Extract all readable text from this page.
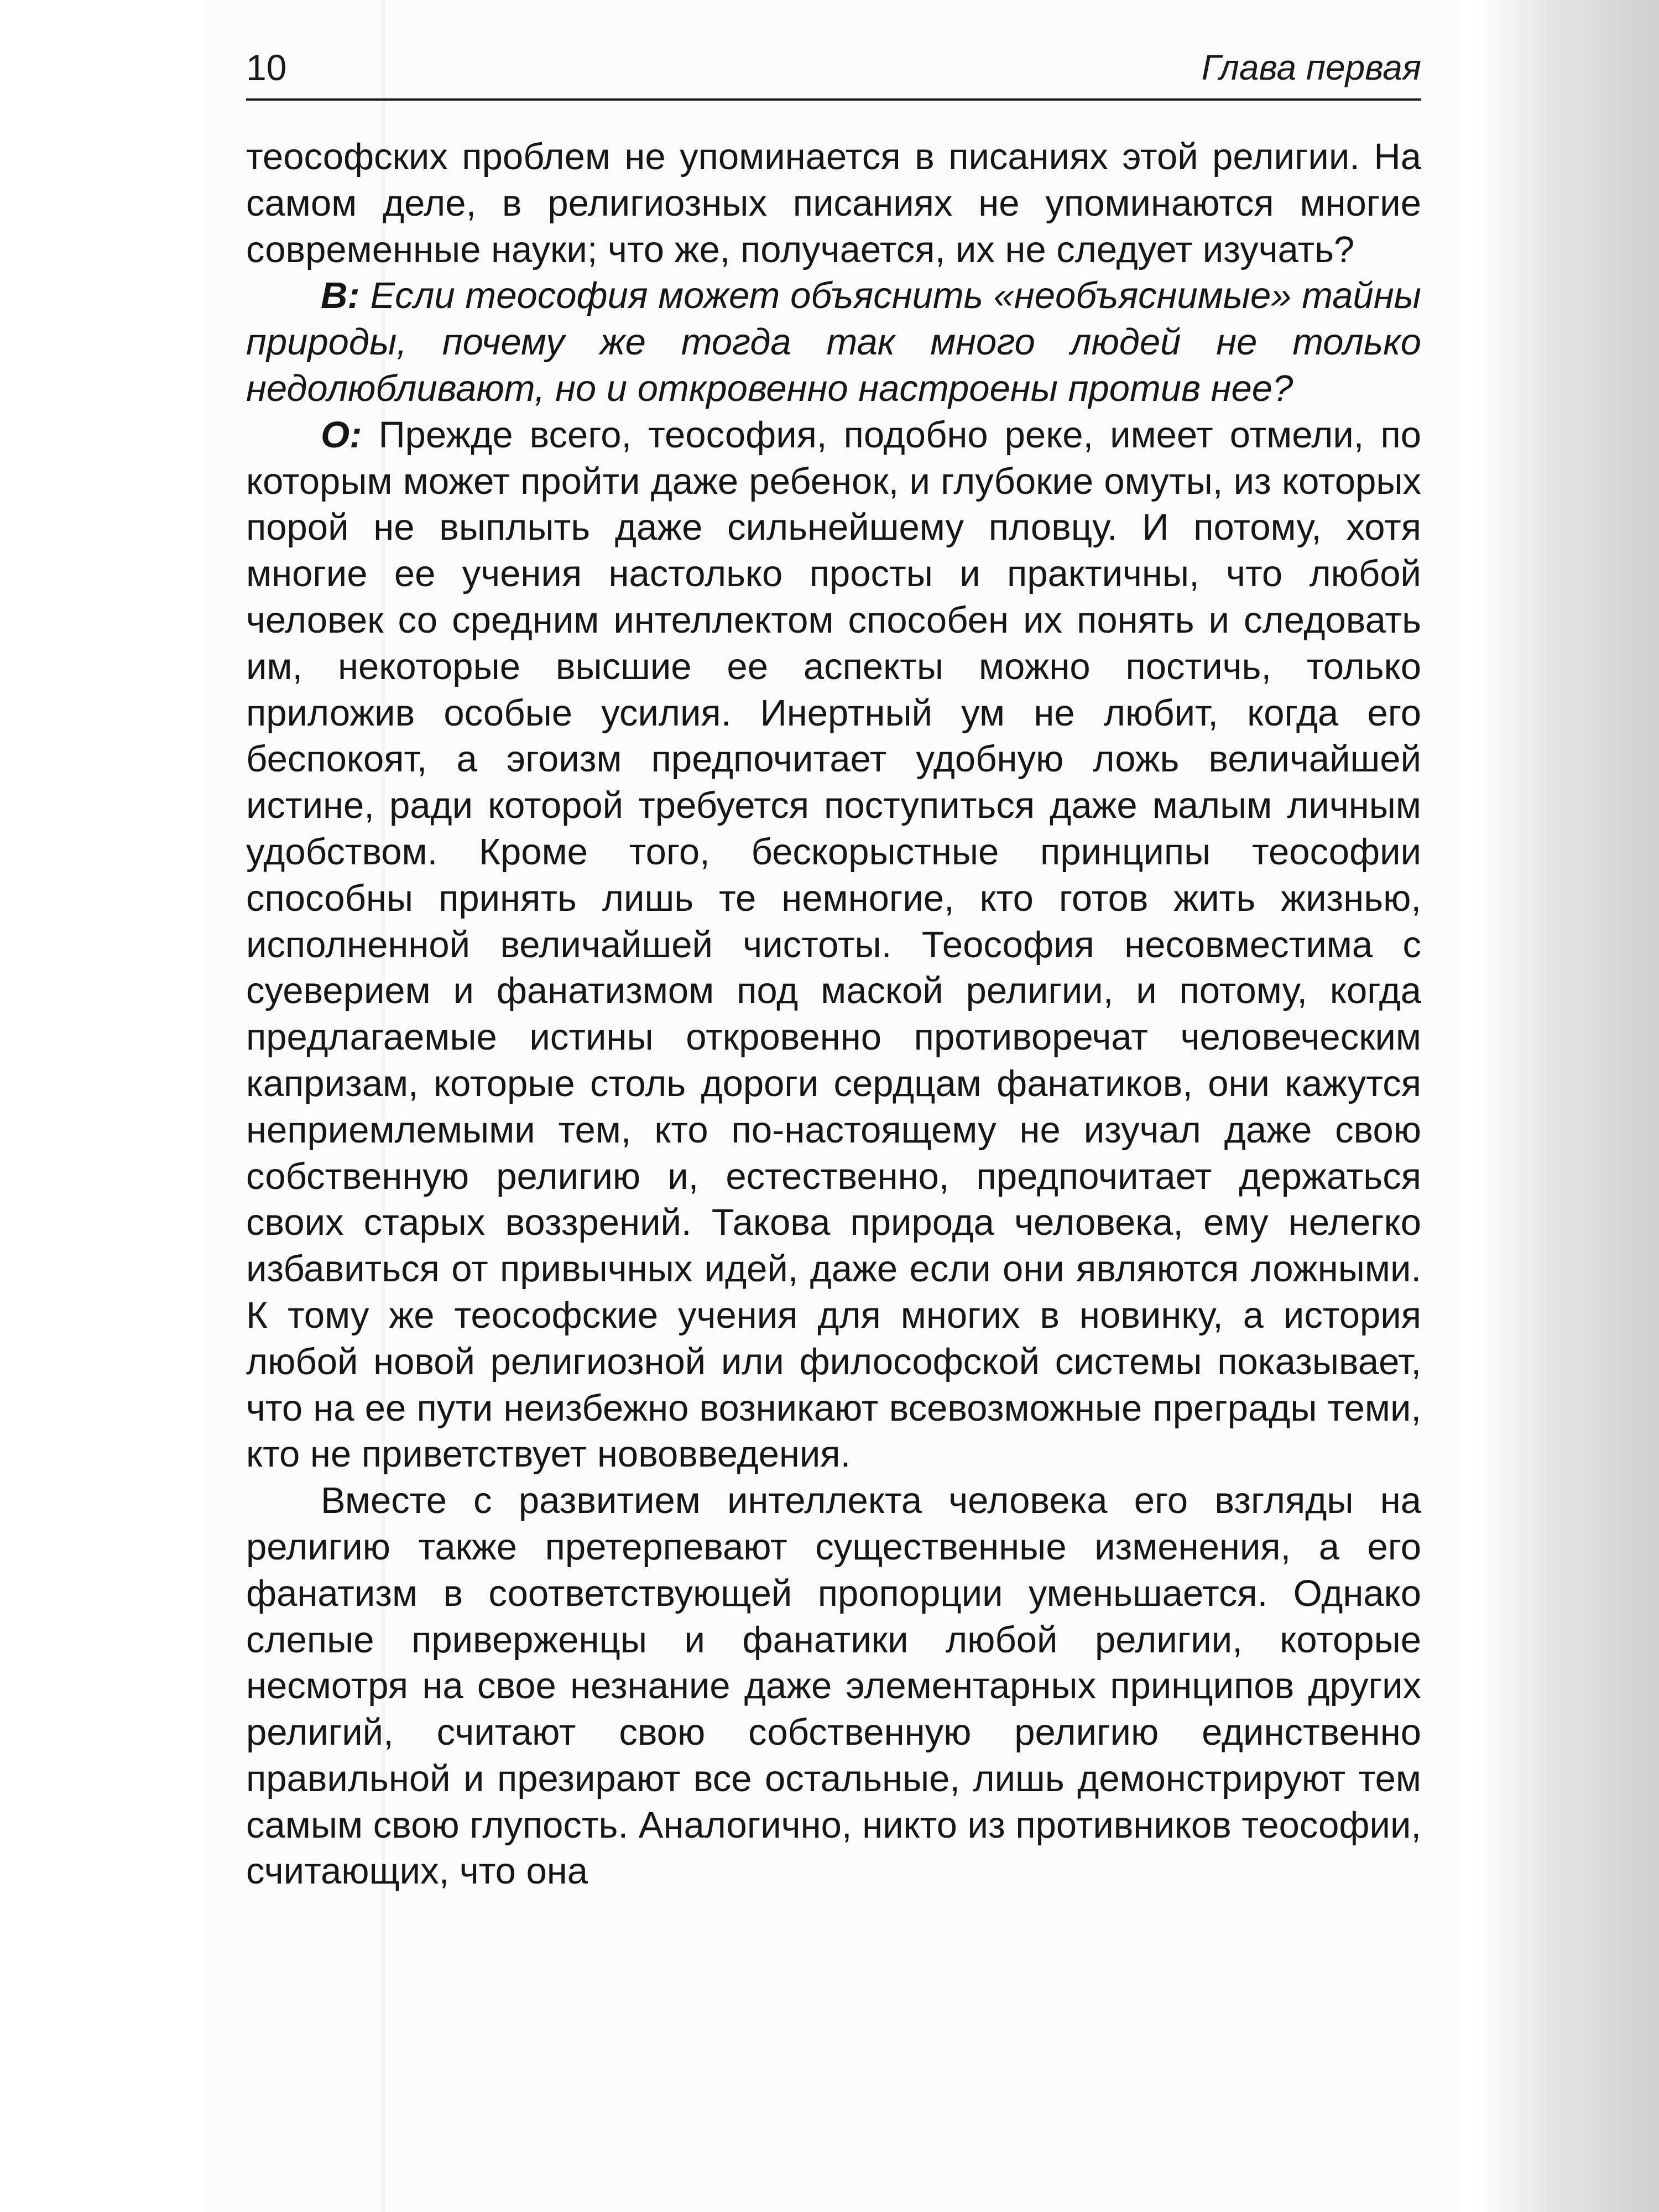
10	Глава первая

теософских проблем не упоминается в писаниях этой религии. На самом деле, в религиозных писаниях не упоминаются многие современные науки; что же, получается, их не следует изучать?

В: Если теософия может объяснить «необъяснимые» тайны природы, почему же тогда так много людей не только недолюбливают, но и откровенно настроены против нее?

О: Прежде всего, теософия, подобно реке, имеет отмели, по которым может пройти даже ребенок, и глубокие омуты, из которых порой не выплыть даже сильнейшему пловцу. И потому, хотя многие ее учения настолько просты и практичны, что любой человек со средним интеллектом способен их понять и следовать им, некоторые высшие ее аспекты можно постичь, только приложив особые усилия. Инертный ум не любит, когда его беспокоят, а эгоизм предпочитает удобную ложь величайшей истине, ради которой требуется поступиться даже малым личным удобством. Кроме того, бескорыстные принципы теософии способны принять лишь те немногие, кто готов жить жизнью, исполненной величайшей чистоты. Теософия несовместима с суеверием и фанатизмом под маской религии, и потому, когда предлагаемые истины откровенно противоречат человеческим капризам, которые столь дороги сердцам фанатиков, они кажутся неприемлемыми тем, кто по-настоящему не изучал даже свою собственную религию и, естественно, предпочитает держаться своих старых воззрений. Такова природа человека, ему нелегко избавиться от привычных идей, даже если они являются ложными. К тому же теософские учения для многих в новинку, а история любой новой религиозной или философской системы показывает, что на ее пути неизбежно возникают всевозможные преграды теми, кто не приветствует нововведения.

Вместе с развитием интеллекта человека его взгляды на религию также претерпевают существенные изменения, а его фанатизм в соответствующей пропорции уменьшается. Однако слепые приверженцы и фанатики любой религии, которые несмотря на свое незнание даже элементарных принципов других религий, считают свою собственную религию единственно правильной и презирают все остальные, лишь демонстрируют тем самым свою глупость. Аналогично, никто из противников теософии, считающих, что она
